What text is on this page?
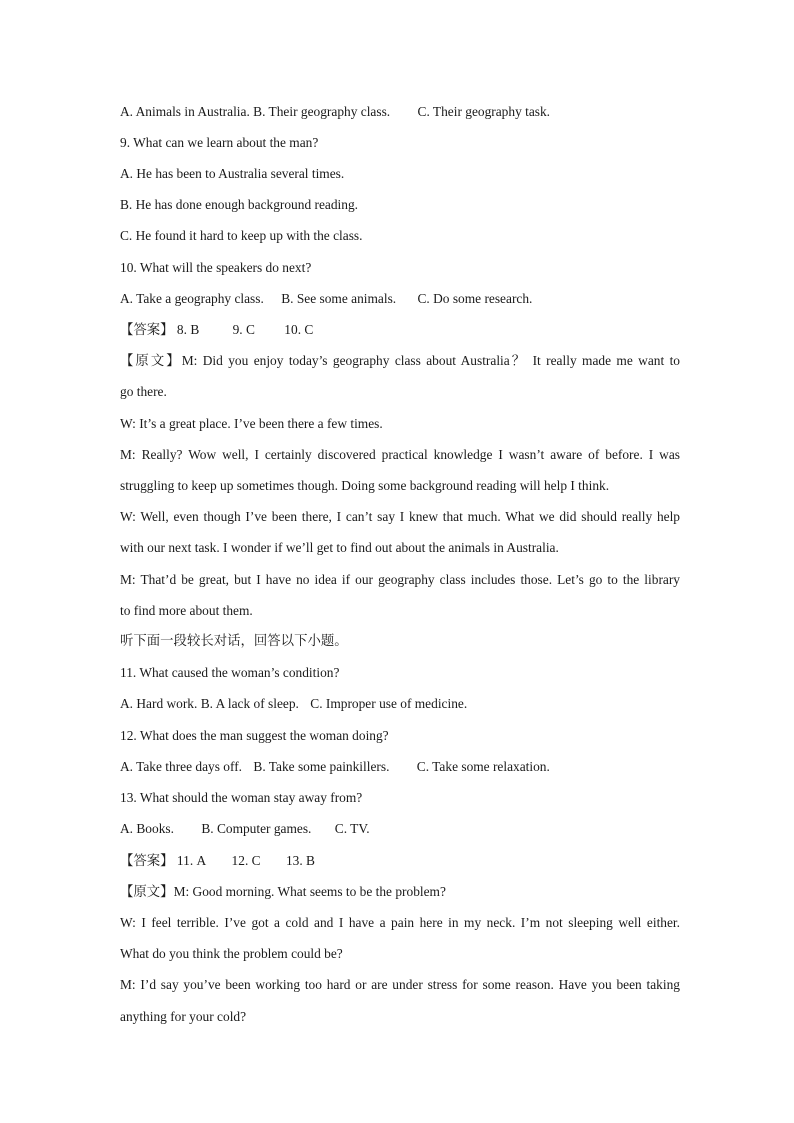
A. Animals in Australia. B. Their geography class. C. Their geography task.
9. What can we learn about the man?
A. He has been to Australia several times.
B. He has done enough background reading.
C. He found it hard to keep up with the class.
10. What will the speakers do next?
A. Take a geography class. B. See some animals. C. Do some research.
【答案】 8. B 9. C 10. C
【原文】M: Did you enjoy today’s geography class about Australia？ It really made me want to
go there.
W: It’s a great place. I’ve been there a few times.
M: Really? Wow well, I certainly discovered practical knowledge I wasn’t aware of before. I was
struggling to keep up sometimes though. Doing some background reading will help I think.
W: Well, even though I’ve been there, I can’t say I knew that much. What we did should really help
with our next task. I wonder if we’ll get to find out about the animals in Australia.
M: That’d be great, but I have no idea if our geography class includes those. Let’s go to the library
to find more about them.
听下面一段较长对话，回答以下小题。
11. What caused the woman’s condition?
A. Hard work. B. A lack of sleep. C. Improper use of medicine.
12. What does the man suggest the woman doing?
A. Take three days off. B. Take some painkillers. C. Take some relaxation.
13. What should the woman stay away from?
A. Books. B. Computer games. C. TV.
【答案】 11. A 12. C 13. B
【原文】M: Good morning. What seems to be the problem?
W: I feel terrible. I’ve got a cold and I have a pain here in my neck. I’m not sleeping well either.
What do you think the problem could be?
M: I’d say you’ve been working too hard or are under stress for some reason. Have you been taking
anything for your cold?
